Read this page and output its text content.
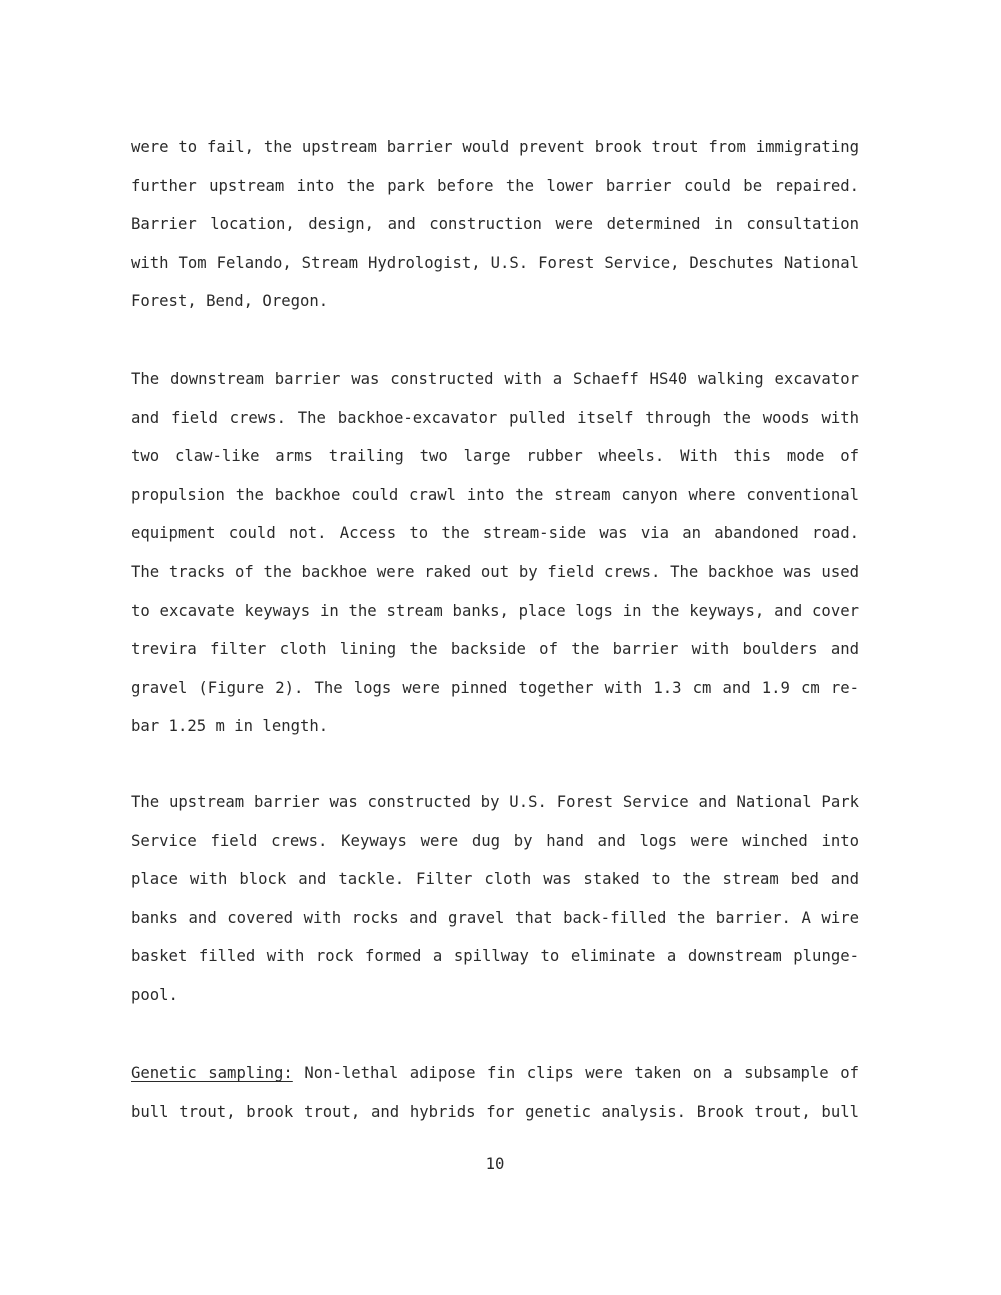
were to fail, the upstream barrier would prevent brook trout from immigrating
further upstream into the park before the lower barrier could be repaired.
Barrier location, design, and construction were determined in consultation
with Tom Felando, Stream Hydrologist, U.S. Forest Service, Deschutes National
Forest, Bend, Oregon.
The downstream barrier was constructed with a Schaeff HS40 walking excavator
and field crews. The backhoe-excavator pulled itself through the woods with
two claw-like arms trailing two large rubber wheels. With this mode of
propulsion the backhoe could crawl into the stream canyon where conventional
equipment could not. Access to the stream-side was via an abandoned road.
The tracks of the backhoe were raked out by field crews. The backhoe was used
to excavate keyways in the stream banks, place logs in the keyways, and cover
trevira filter cloth lining the backside of the barrier with boulders and
gravel (Figure 2). The logs were pinned together with 1.3 cm and 1.9 cm re-
bar 1.25 m in length.
The upstream barrier was constructed by U.S. Forest Service and National Park
Service field crews. Keyways were dug by hand and logs were winched into
place with block and tackle. Filter cloth was staked to the stream bed and
banks and covered with rocks and gravel that back-filled the barrier. A wire
basket filled with rock formed a spillway to eliminate a downstream plunge-
pool.
Genetic sampling: Non-lethal adipose fin clips were taken on a subsample of
bull trout, brook trout, and hybrids for genetic analysis. Brook trout, bull
10
